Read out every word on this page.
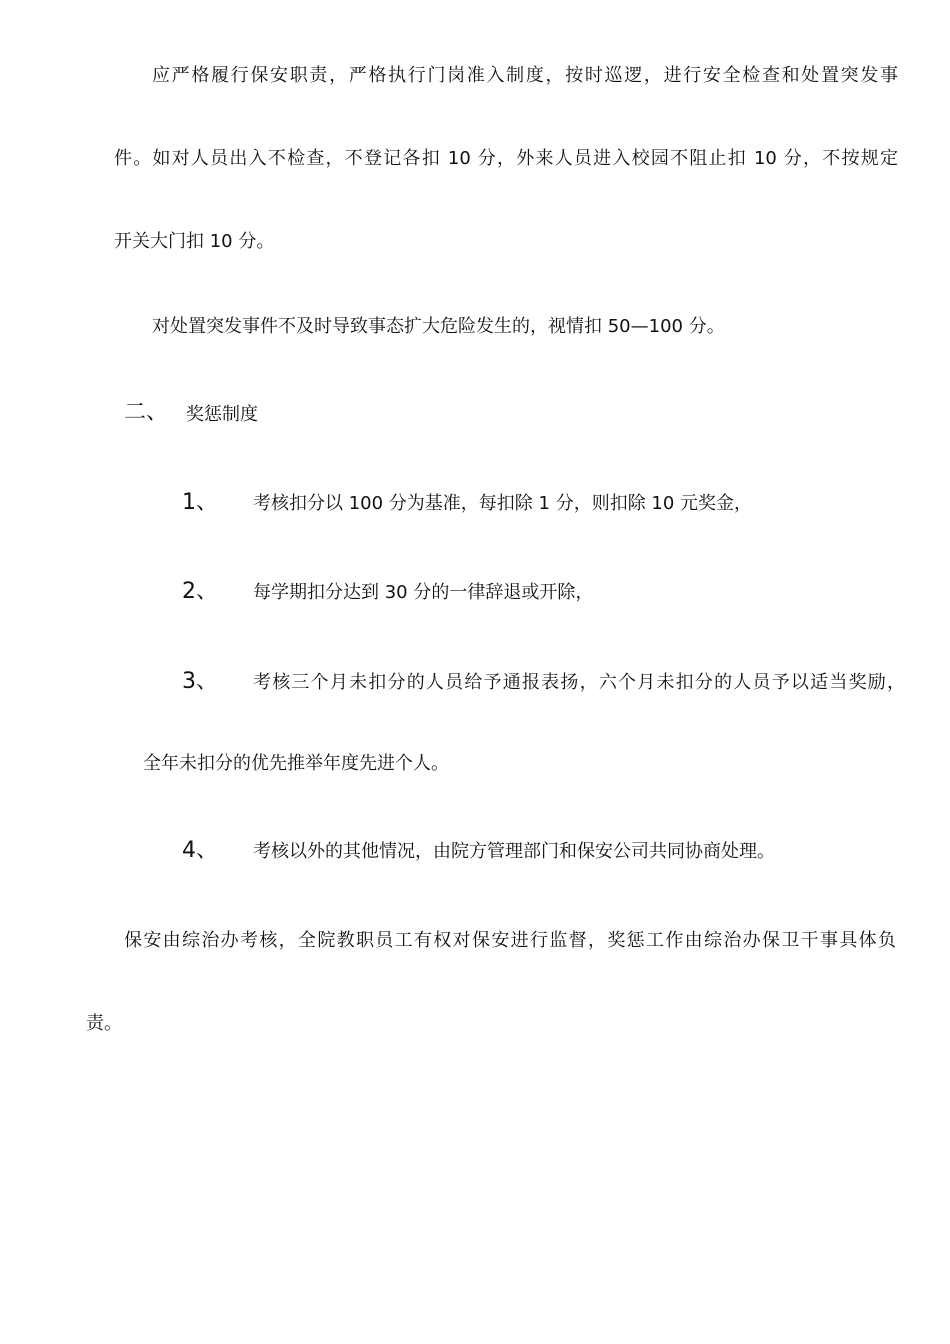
应严格履行保安职责，严格执行门岗准入制度，按时巡逻，进行安全检查和处置突发事
件。如对人员出入不检查，不登记各扣 10 分，外来人员进入校园不阻止扣 10 分，不按规定
开关大门扣 10 分。
对处置突发事件不及时导致事态扩大危险发生的，视情扣 50—100 分。
二、 奖惩制度
1、 考核扣分以 100 分为基准，每扣除 1 分，则扣除 10 元奖金，
2、 每学期扣分达到 30 分的一律辞退或开除，
3、 考核三个月未扣分的人员给予通报表扬，六个月未扣分的人员予以适当奖励，
全年未扣分的优先推举年度先进个人。
4、 考核以外的其他情况，由院方管理部门和保安公司共同协商处理。
保安由综治办考核，全院教职员工有权对保安进行监督，奖惩工作由综治办保卫干事具体负
责。
